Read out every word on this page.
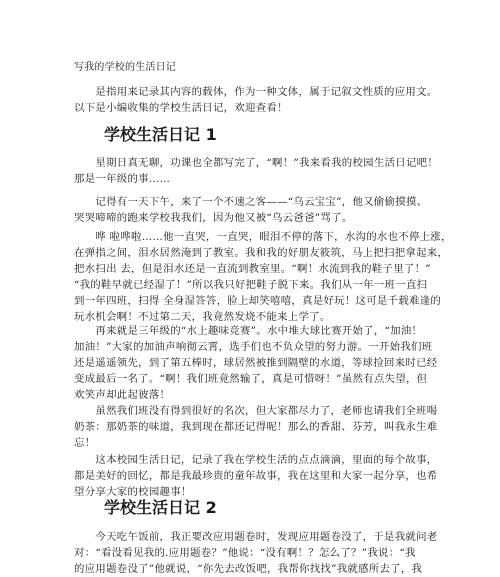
写我的学校的生活日记

　　是指用来记录其内容的载体，作为一种文体，属于记叙文性质的应用文。
以下是小编收集的学校生活日记，欢迎查看！

学校生活日记 1

　　星期日真无聊，功课也全都写完了，“啊！”我来看我的校园生活日记吧！
那是一年级的事……

　　记得有一天下午，来了一个不速之客——“乌云宝宝”，他又偷偷摸摸、
哭哭啼啼的跑来学校我我们，因为他又被“乌云爸爸”骂了。

　　哗 啦哗啦……他一直哭，一直哭，眼泪不停的落下，水沟的水也不停上涨，
在弹指之间，泪水居然淹到了教室。我和我的好朋友筱筑，马上把扫把拿起来，
把水扫出 去，但是泪水还是一直流到教室里。“啊！水流到我的鞋子里了！”
“我的鞋早就已经湿了！”所以我只好把鞋子脱下来。我们从一年一班一直扫
到一年四班，扫得 全身湿答答，脸上却笑嘻嘻，真是好玩！这可是千载难逢的
玩水机会啊！不过第二天，我竟然发烧不能来上学了。

　　再来就是三年级的“水上趣味竞赛”。水中堆大球比赛开始了，“加油！
加油！”大家的加油声响彻云霄，选手们也不负众望的努力游。一开始我们班
还是遥遥领先，到了第五棒时，球居然被推到隔壁的水道，等球捡回来时已经
变成最后一名了。“啊！我们班竟然输了，真是可惜呀！”虽然有点失望，但
欢笑声却此起彼落！

　　虽然我们班没有得到很好的名次，但大家都尽力了，老师也请我们全班喝
奶茶：那奶茶的味道，我到现在都还记得呢！那么的香甜、芬芳，叫我永生难
忘！

　　这本校园生活日记，记录了我在学校生活的点点滴滴，里面的每个故事，
都是美好的回忆，都是我最珍贵的童年故事，我在这里和大家一起分享，也希
望分享大家的校园趣事！

学校生活日记 2

　　今天吃午饭前，我正要改应用题卷时，发现应用题卷没了，于是我就问老
对：“看没看见我的.应用题卷？”他说：“没有啊！？怎么了？”我说：“我
的应用题卷没了”他就说，“你先去改饭吧，我帮你找找”我就感所去了，我
